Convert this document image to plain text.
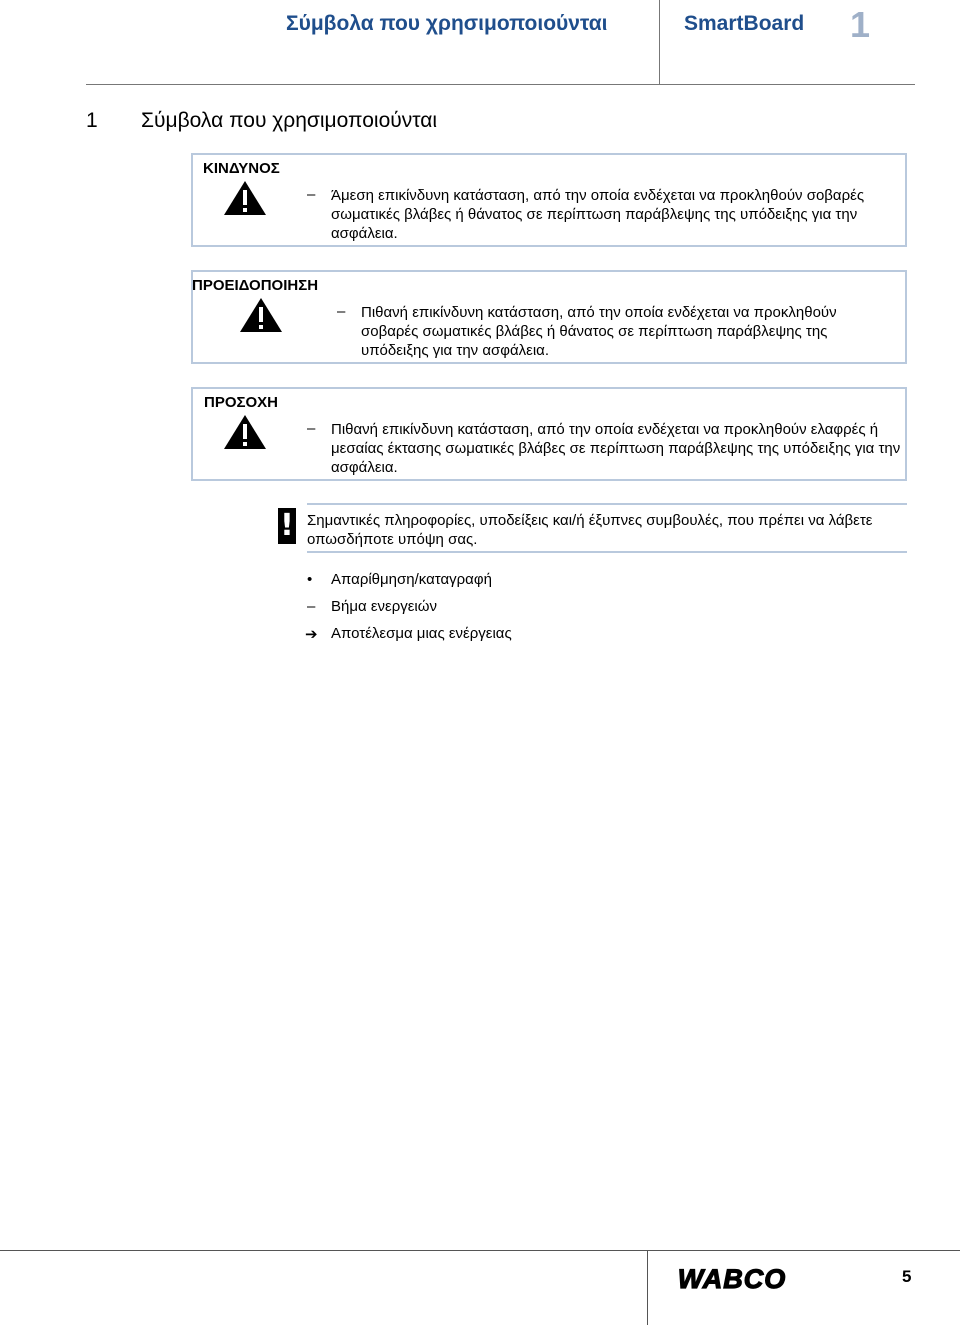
Σύμβολα που χρησιμοποιούνται	SmartBoard 1
1 Σύμβολα που χρησιμοποιούνται
ΚΙΝΔΥΝΟΣ
– Άμεση επικίνδυνη κατάσταση, από την οποία ενδέχεται να προκληθούν σοβαρές σωματικές βλάβες ή θάνατος σε περίπτωση παράβλεψης της υπόδειξης για την ασφάλεια.
ΠΡΟΕΙΔΟΠΟΙΗΣΗ
– Πιθανή επικίνδυνη κατάσταση, από την οποία ενδέχεται να προκληθούν σοβαρές σωματικές βλάβες ή θάνατος σε περίπτωση παράβλεψης της υπόδειξης για την ασφάλεια.
ΠΡΟΣΟΧΗ
– Πιθανή επικίνδυνη κατάσταση, από την οποία ενδέχεται να προκληθούν ελαφρές ή μεσαίας έκτασης σωματικές βλάβες σε περίπτωση παράβλεψης της υπόδειξης για την ασφάλεια.
! Σημαντικές πληροφορίες, υποδείξεις και/ή έξυπνες συμβουλές, που πρέπει να λάβετε οπωσδήποτε υπόψη σας.
•	Απαρίθμηση/καταγραφή
–	Βήμα ενεργειών
➔ Αποτέλεσμα μιας ενέργειας
WABCO	5
